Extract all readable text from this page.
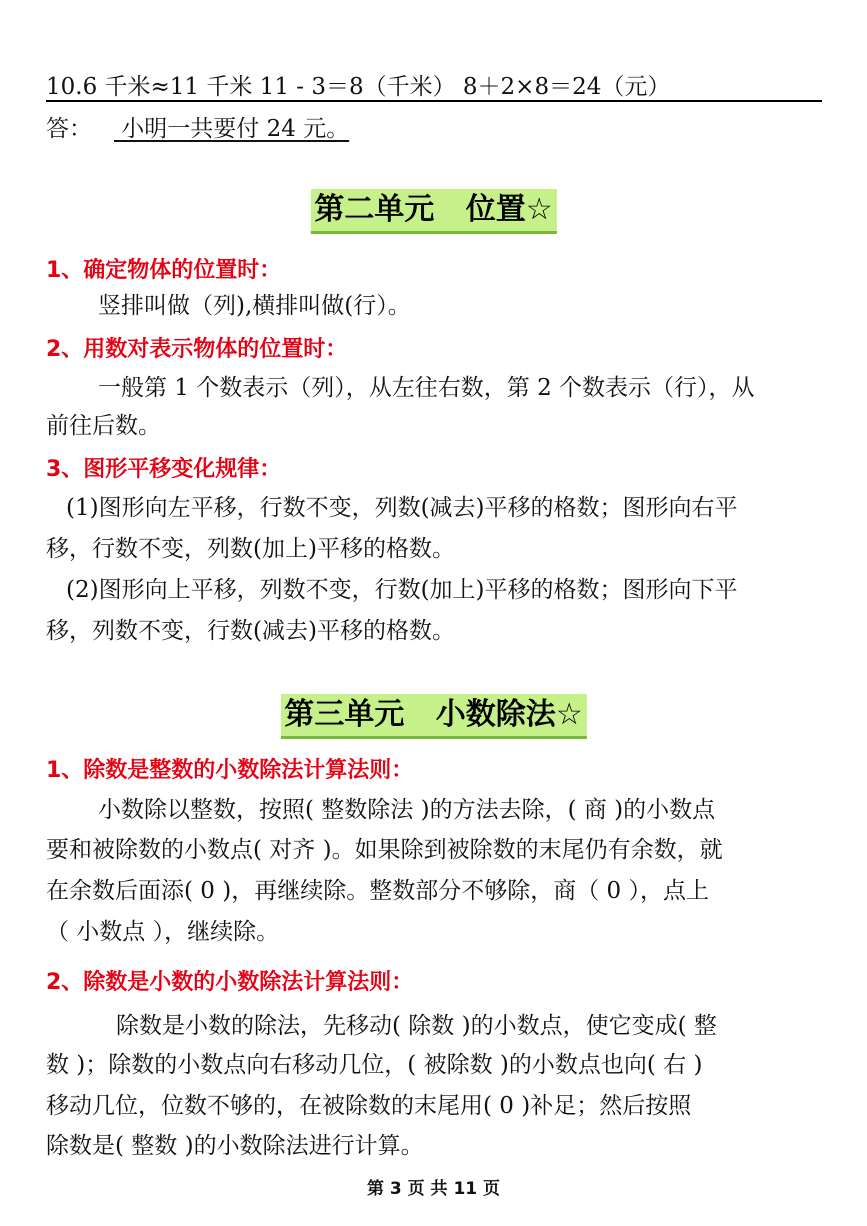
10.6 千米≈11 千米 11 - 3＝8（千米） 8＋2×8＝24（元）
答： 小明一共要付 24 元。
第二单元   位置☆
1、确定物体的位置时：
竖排叫做（列),横排叫做(行）。
2、用数对表示物体的位置时：
一般第 1 个数表示（列），从左往右数，第 2 个数表示（行），从
前往后数。
3、图形平移变化规律：
(1)图形向左平移，行数不变，列数(减去)平移的格数；图形向右平
移，行数不变，列数(加上)平移的格数。
(2)图形向上平移，列数不变，行数(加上)平移的格数；图形向下平
移，列数不变，行数(减去)平移的格数。
第三单元   小数除法☆
1、除数是整数的小数除法计算法则：
小数除以整数，按照( 整数除法 )的方法去除，( 商 )的小数点
要和被除数的小数点( 对齐 )。如果除到被除数的末尾仍有余数，就
在余数后面添( 0 )，再继续除。整数部分不够除，商（ 0 ），点上
（ 小数点 ），继续除。
2、除数是小数的小数除法计算法则：
除数是小数的除法，先移动( 除数 )的小数点，使它变成( 整
数 )；除数的小数点向右移动几位，( 被除数 )的小数点也向( 右 )
移动几位，位数不够的，在被除数的末尾用( 0 )补足；然后按照
除数是( 整数 )的小数除法进行计算。
第 3 页 共 11 页
